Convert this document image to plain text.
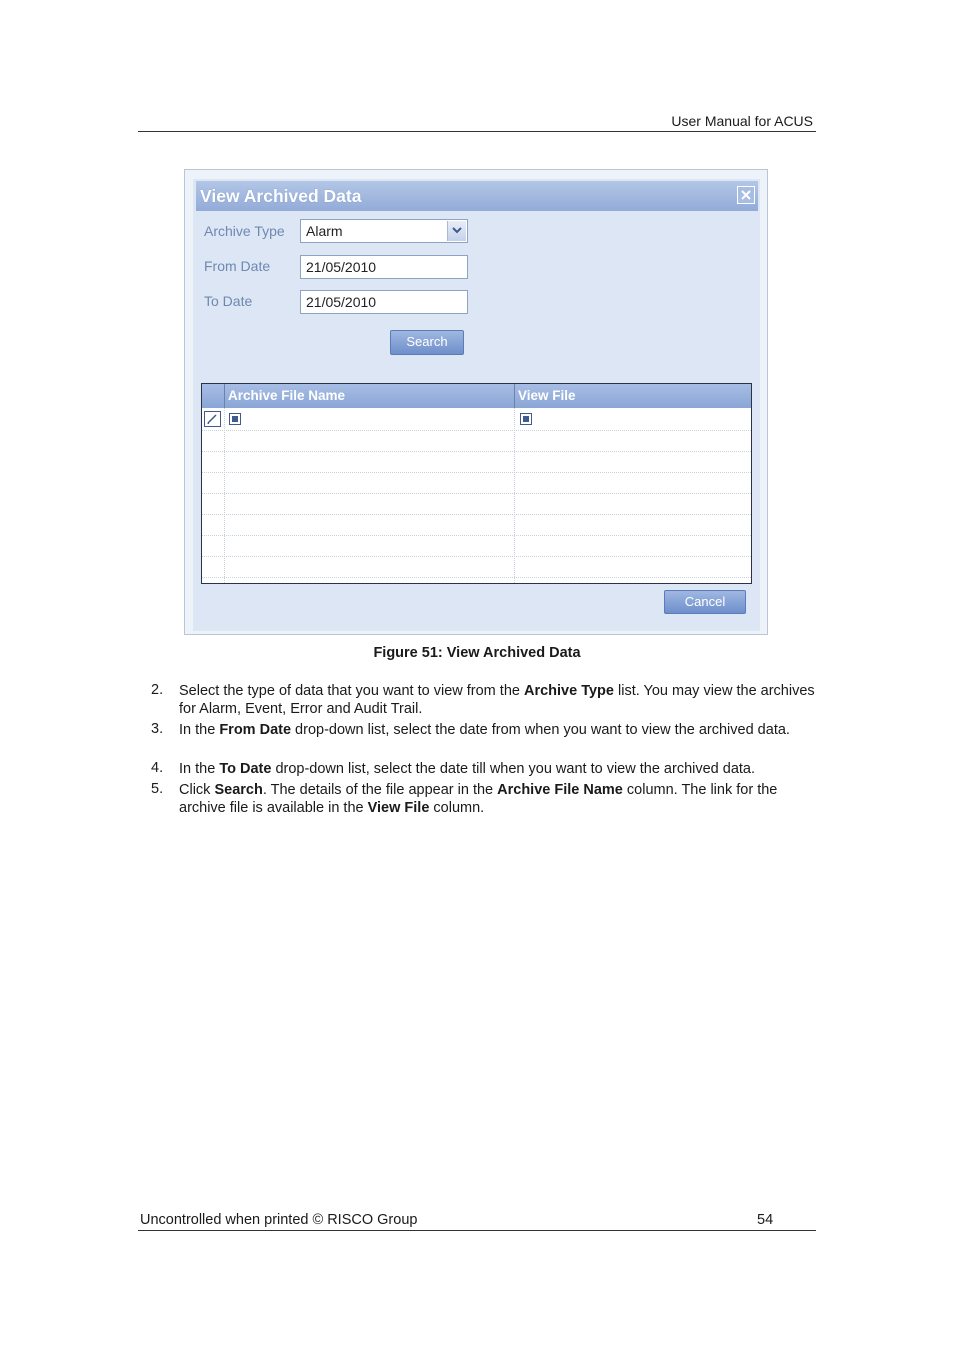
User Manual for ACUS
View Archived Data
Archive Type	Alarm
From Date	21/05/2010
To Date	21/05/2010
Search
Archive File Name	View File
Cancel
Figure 51: View Archived Data
2. Select the type of data that you want to view from the Archive Type list. You may view the archives for Alarm, Event, Error and Audit Trail.
3. In the From Date drop-down list, select the date from when you want to view the archived data.
4. In the To Date drop-down list, select the date till when you want to view the archived data.
5. Click Search. The details of the file appear in the Archive File Name column. The link for the archive file is available in the View File column.
Uncontrolled when printed © RISCO Group	54
